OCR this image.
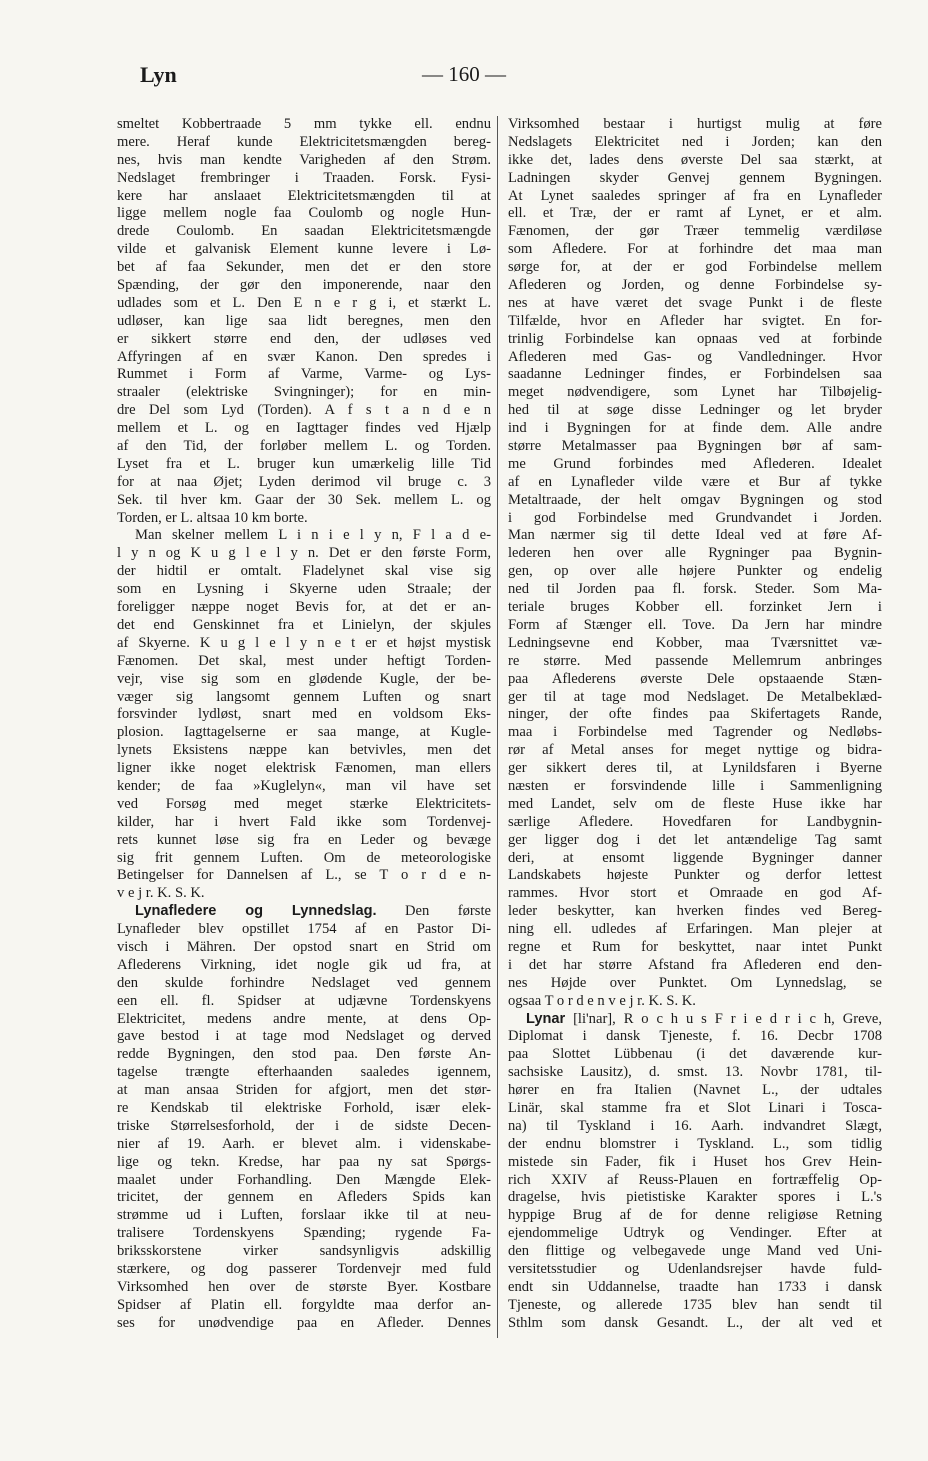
Lyn	— 160 —
smeltet Kobbertraade 5 mm tykke ell. endnu
mere. Heraf kunde Elektricitetsmængden bereg-
nes, hvis man kendte Varigheden af den Strøm.
Nedslaget frembringer i Traaden. Forsk. Fysi-
kere har anslaaet Elektricitetsmængden til at
ligge mellem nogle faa Coulomb og nogle Hun-
drede Coulomb. En saadan Elektricitetsmængde
vilde et galvanisk Element kunne levere i Lø-
bet af faa Sekunder, men det er den store
Spænding, der gør den imponerende, naar den
udlades som et L. Den E n e r g i, et stærkt L.
udløser, kan lige saa lidt beregnes, men den
er sikkert større end den, der udløses ved
Affyringen af en svær Kanon. Den spredes i
Rummet i Form af Varme, Varme- og Lys-
straaler (elektriske Svingninger); for en min-
dre Del som Lyd (Torden). A f s t a n d e n
mellem et L. og en Iagttager findes ved Hjælp
af den Tid, der forløber mellem L. og Torden.
Lyset fra et L. bruger kun umærkelig lille Tid
for at naa Øjet; Lyden derimod vil bruge c. 3
Sek. til hver km. Gaar der 30 Sek. mellem L. og
Torden, er L. altsaa 10 km borte.
Man skelner mellem L i n i e l y n, F l a d e-
l y n og K u g l e l y n. Det er den første Form,
der hidtil er omtalt. Fladelynet skal vise sig
som en Lysning i Skyerne uden Straale; der
foreligger næppe noget Bevis for, at det er an-
det end Genskinnet fra et Linielyn, der skjules
af Skyerne. K u g l e l y n e t er et højst mystisk
Fænomen. Det skal, mest under heftigt Torden-
vejr, vise sig som en glødende Kugle, der be-
væger sig langsomt gennem Luften og snart
forsvinder lydløst, snart med en voldsom Eks-
plosion. Iagttagelserne er saa mange, at Kugle-
lynets Eksistens næppe kan betvivles, men det
ligner ikke noget elektrisk Fænomen, man ellers
kender; de faa »Kuglelyn«, man vil have set
ved Forsøg med meget stærke Elektricitets-
kilder, har i hvert Fald ikke som Tordenvej-
rets kunnet løse sig fra en Leder og bevæge
sig frit gennem Luften. Om de meteorologiske
Betingelser for Dannelsen af L., se T o r d e n-
v e j r. K. S. K.
Lynafledere og Lynnedslag. Den første
Lynafleder blev opstillet 1754 af en Pastor Di-
visch i Mähren. Der opstod snart en Strid om
Aflederens Virkning, idet nogle gik ud fra, at
den skulde forhindre Nedslaget ved gennem
een ell. fl. Spidser at udjævne Tordenskyens
Elektricitet, medens andre mente, at dens Op-
gave bestod i at tage mod Nedslaget og derved
redde Bygningen, den stod paa. Den første An-
tagelse trængte efterhaanden saaledes igennem,
at man ansaa Striden for afgjort, men det stør-
re Kendskab til elektriske Forhold, især elek-
triske Størrelsesforhold, der i de sidste Decen-
nier af 19. Aarh. er blevet alm. i videnskabe-
lige og tekn. Kredse, har paa ny sat Spørgs-
maalet under Forhandling. Den Mængde Elek-
tricitet, der gennem en Afleders Spids kan
strømme ud i Luften, forslaar ikke til at neu-
tralisere Tordenskyens Spænding; rygende Fa-
briksskorstene virker sandsynligvis adskillig
stærkere, og dog passerer Tordenvejr med fuld
Virksomhed hen over de største Byer. Kostbare
Spidser af Platin ell. forgyldte maa derfor an-
ses for unødvendige paa en Afleder. Dennes
Virksomhed bestaar i hurtigst mulig at føre
Nedslagets Elektricitet ned i Jorden; kan den
ikke det, lades dens øverste Del saa stærkt, at
Ladningen skyder Genvej gennem Bygningen.
At Lynet saaledes springer af fra en Lynafleder
ell. et Træ, der er ramt af Lynet, er et alm.
Fænomen, der gør Træer temmelig værdiløse
som Afledere. For at forhindre det maa man
sørge for, at der er god Forbindelse mellem
Aflederen og Jorden, og denne Forbindelse sy-
nes at have været det svage Punkt i de fleste
Tilfælde, hvor en Afleder har svigtet. En for-
trinlig Forbindelse kan opnaas ved at forbinde
Aflederen med Gas- og Vandledninger. Hvor
saadanne Ledninger findes, er Forbindelsen saa
meget nødvendigere, som Lynet har Tilbøjelig-
hed til at søge disse Ledninger og let bryder
ind i Bygningen for at finde dem. Alle andre
større Metalmasser paa Bygningen bør af sam-
me Grund forbindes med Aflederen. Idealet
af en Lynafleder vilde være et Bur af tykke
Metaltraade, der helt omgav Bygningen og stod
i god Forbindelse med Grundvandet i Jorden.
Man nærmer sig til dette Ideal ved at føre Af-
lederen hen over alle Rygninger paa Bygnin-
gen, op over alle højere Punkter og endelig
ned til Jorden paa fl. forsk. Steder. Som Ma-
teriale bruges Kobber ell. forzinket Jern i
Form af Stænger ell. Tove. Da Jern har mindre
Ledningsevne end Kobber, maa Tværsnittet væ-
re større. Med passende Mellemrum anbringes
paa Aflederens øverste Dele opstaaende Stæn-
ger til at tage mod Nedslaget. De Metalbeklæd-
ninger, der ofte findes paa Skifertagets Rande,
maa i Forbindelse med Tagrender og Nedløbs-
rør af Metal anses for meget nyttige og bidra-
ger sikkert deres til, at Lynildsfaren i Byerne
næsten er forsvindende lille i Sammenligning
med Landet, selv om de fleste Huse ikke har
særlige Afledere. Hovedfaren for Landbygnin-
ger ligger dog i det let antændelige Tag samt
deri, at ensomt liggende Bygninger danner
Landskabets højeste Punkter og derfor lettest
rammes. Hvor stort et Omraade en god Af-
leder beskytter, kan hverken findes ved Bereg-
ning ell. udledes af Erfaringen. Man plejer at
regne et Rum for beskyttet, naar intet Punkt
i det har større Afstand fra Aflederen end den-
nes Højde over Punktet. Om Lynnedslag, se
ogsaa T o r d e n v e j r. K. S. K.
Lynar [li'nar], R o c h u s F r i e d r i c h, Greve,
Diplomat i dansk Tjeneste, f. 16. Decbr 1708
paa Slottet Lübbenau (i det daværende kur-
sachsiske Lausitz), d. smst. 13. Novbr 1781, til-
hører en fra Italien (Navnet L., der udtales
Linär, skal stamme fra et Slot Linari i Tosca-
na) til Tyskland i 16. Aarh. indvandret Slægt,
der endnu blomstrer i Tyskland. L., som tidlig
mistede sin Fader, fik i Huset hos Grev Hein-
rich XXIV af Reuss-Plauen en fortræffelig Op-
dragelse, hvis pietistiske Karakter spores i L.'s
hyppige Brug af de for denne religiøse Retning
ejendommelige Udtryk og Vendinger. Efter at
den flittige og velbegavede unge Mand ved Uni-
versitetsstudier og Udenlandsrejser havde fuld-
endt sin Uddannelse, traadte han 1733 i dansk
Tjeneste, og allerede 1735 blev han sendt til
Sthlm som dansk Gesandt. L., der alt ved et
